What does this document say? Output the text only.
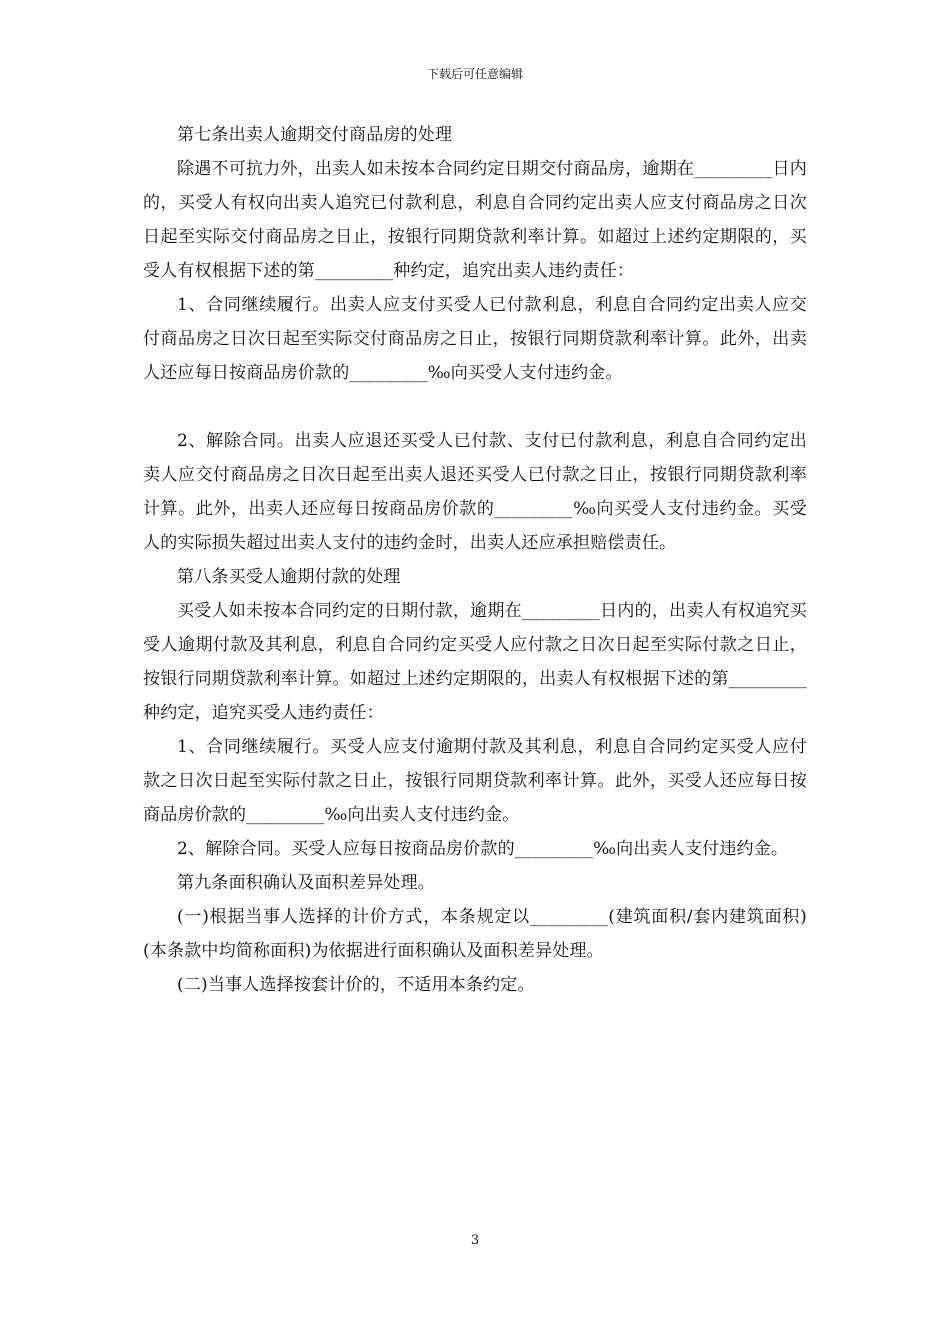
下载后可任意编辑

第七条出卖人逾期交付商品房的处理

除遇不可抗力外，出卖人如未按本合同约定日期交付商品房，逾期在_________日内的，买受人有权向出卖人追究已付款利息，利息自合同约定出卖人应支付商品房之日次日起至实际交付商品房之日止，按银行同期贷款利率计算。如超过上述约定期限的，买受人有权根据下述的第_________种约定，追究出卖人违约责任：

1、合同继续履行。出卖人应支付买受人已付款利息，利息自合同约定出卖人应交付商品房之日次日起至实际交付商品房之日止，按银行同期贷款利率计算。此外，出卖人还应每日按商品房价款的_________‰向买受人支付违约金。

2、解除合同。出卖人应退还买受人已付款、支付已付款利息，利息自合同约定出卖人应交付商品房之日次日起至出卖人退还买受人已付款之日止，按银行同期贷款利率计算。此外，出卖人还应每日按商品房价款的_________‰向买受人支付违约金。买受人的实际损失超过出卖人支付的违约金时，出卖人还应承担赔偿责任。

第八条买受人逾期付款的处理

买受人如未按本合同约定的日期付款，逾期在_________日内的，出卖人有权追究买受人逾期付款及其利息，利息自合同约定买受人应付款之日次日起至实际付款之日止，按银行同期贷款利率计算。如超过上述约定期限的，出卖人有权根据下述的第_________种约定，追究买受人违约责任：

1、合同继续履行。买受人应支付逾期付款及其利息，利息自合同约定买受人应付款之日次日起至实际付款之日止，按银行同期贷款利率计算。此外，买受人还应每日按商品房价款的_________‰向出卖人支付违约金。

2、解除合同。买受人应每日按商品房价款的_________‰向出卖人支付违约金。

第九条面积确认及面积差异处理。

(一)根据当事人选择的计价方式，本条规定以_________(建筑面积/套内建筑面积)(本条款中均简称面积)为依据进行面积确认及面积差异处理。

(二)当事人选择按套计价的，不适用本条约定。

3
